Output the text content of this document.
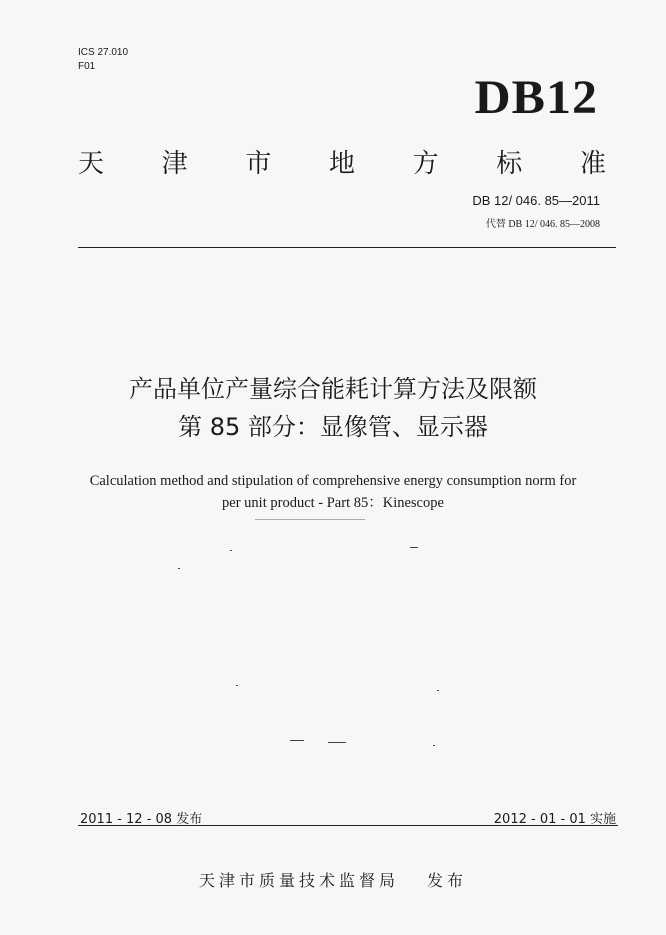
ICS 27.010
F01
DB12
天 津 市 地 方 标 准
DB 12/ 046. 85—2011
代替 DB 12/ 046. 85—2008
产品单位产量综合能耗计算方法及限额
第 85 部分：显像管、显示器
Calculation method and stipulation of comprehensive energy consumption norm for
per unit product - Part 85：Kinescope
2011 - 12 - 08 发布	2012 - 01 - 01 实施
天津市质量技术监督局 发布
